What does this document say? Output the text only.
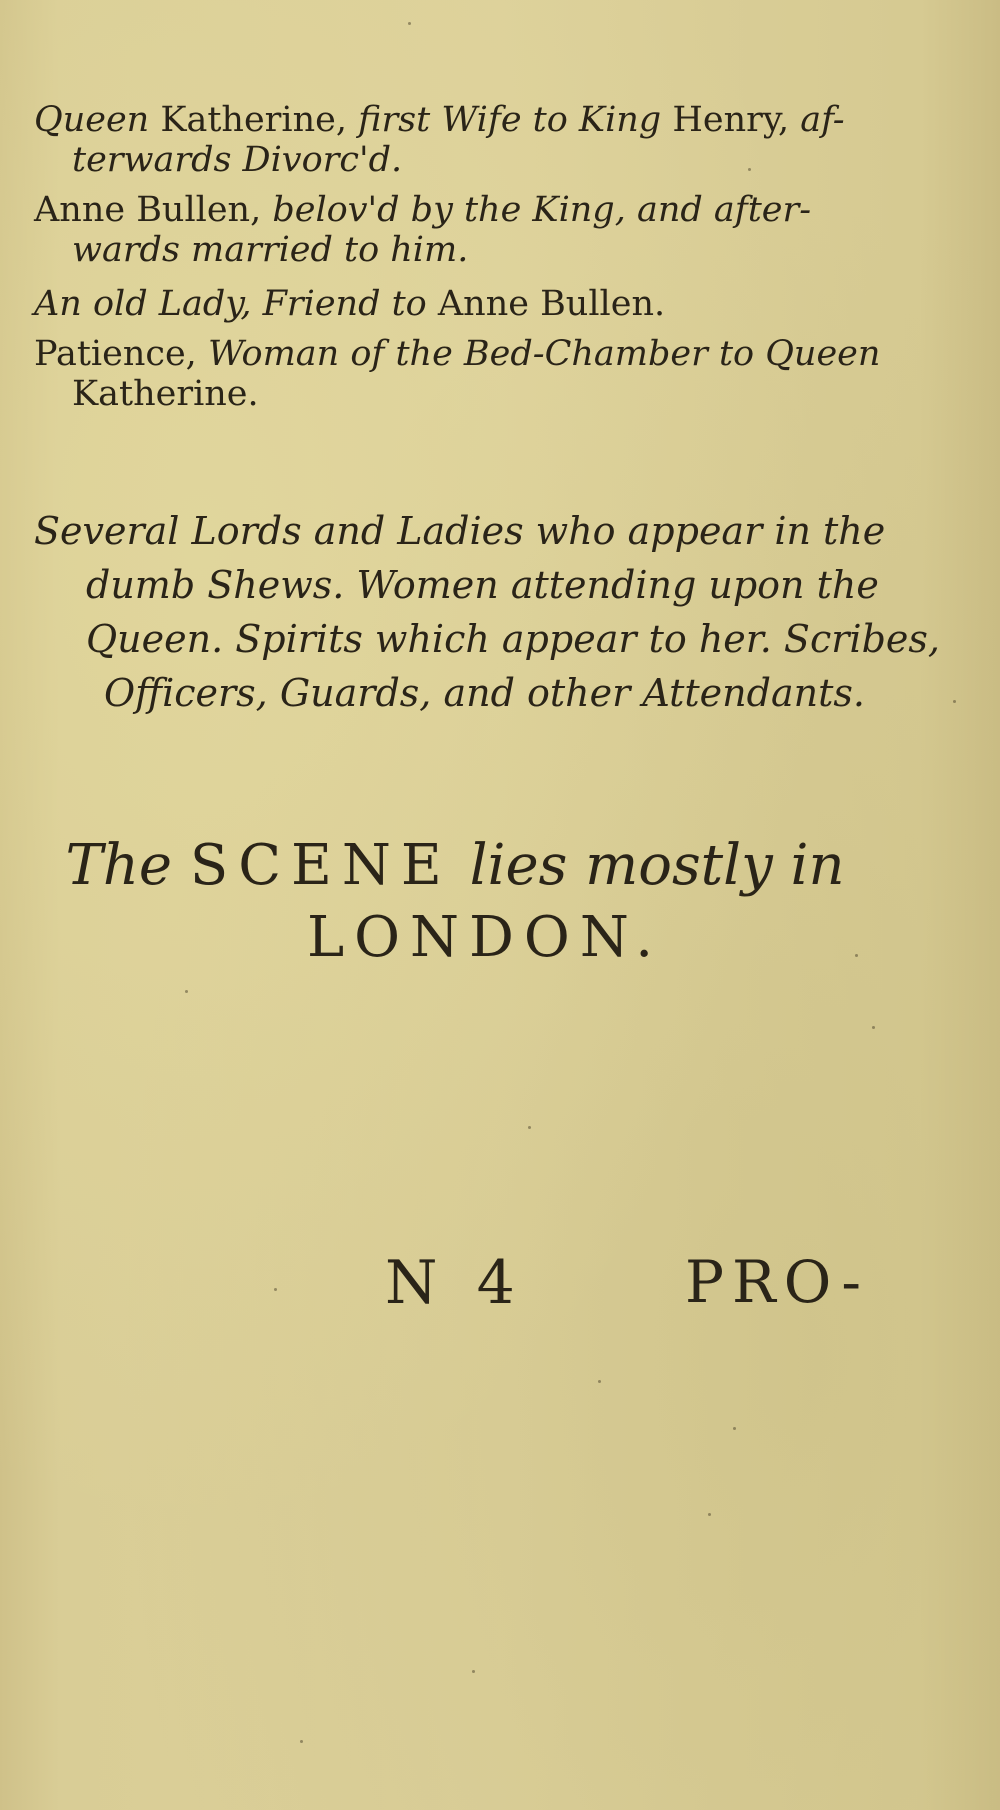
Queen Katherine, first Wife to King Henry, af-
terwards Divorc'd.
Anne Bullen, belov'd by the King, and after-
wards married to him.
An old Lady, Friend to Anne Bullen.
Patience, Woman of the Bed-Chamber to Queen
Katherine.
Several Lords and Ladies who appear in the
dumb Shews. Women attending upon the
Queen. Spirits which appear to her. Scribes,
Officers, Guards, and other Attendants.
The SCENE lies mostly in
LONDON.
N 4	PRO-
